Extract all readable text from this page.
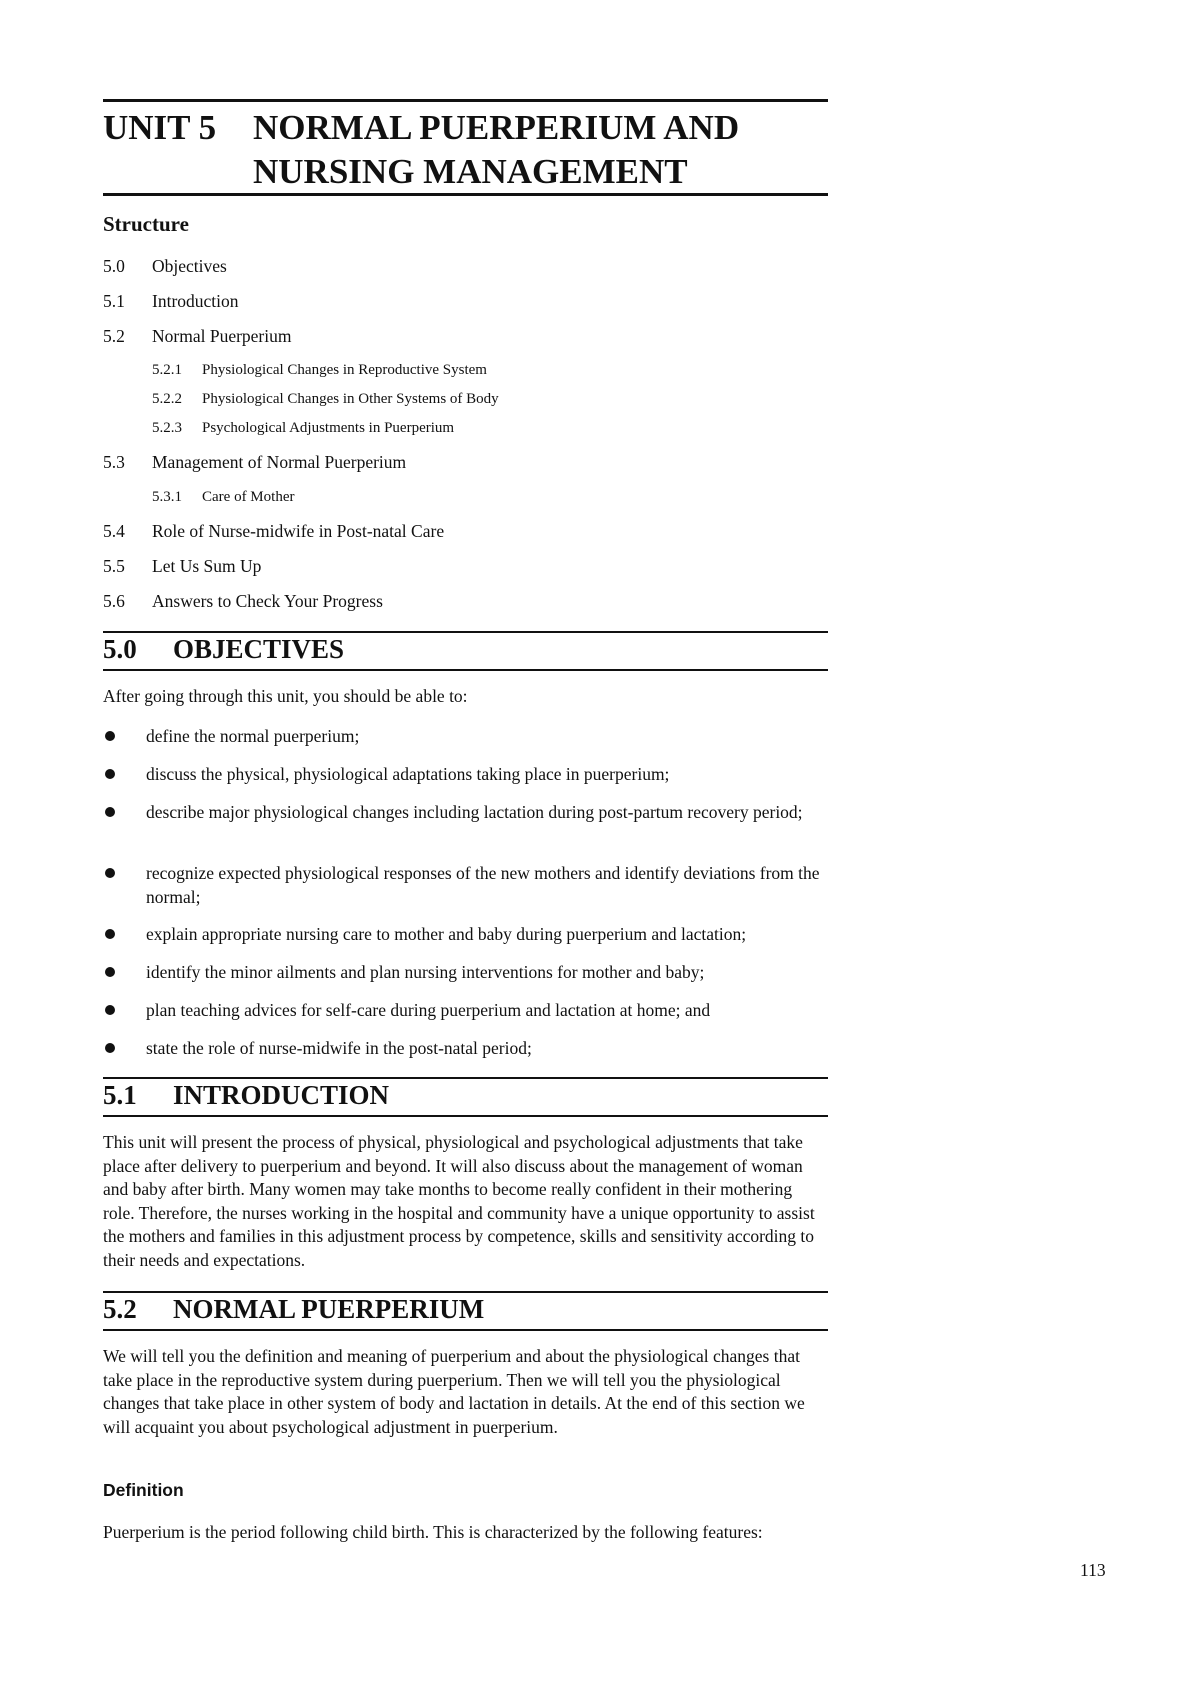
UNIT 5 NORMAL PUERPERIUM AND
NURSING MANAGEMENT
Structure
5.0 Objectives
5.1 Introduction
5.2 Normal Puerperium
5.2.1 Physiological Changes in Reproductive System
5.2.2 Physiological Changes in Other Systems of Body
5.2.3 Psychological Adjustments in Puerperium
5.3 Management of Normal Puerperium
5.3.1 Care of Mother
5.4 Role of Nurse-midwife in Post-natal Care
5.5 Let Us Sum Up
5.6 Answers to Check Your Progress
5.0 OBJECTIVES
After going through this unit, you should be able to:
define the normal puerperium;
discuss the physical, physiological adaptations taking place in puerperium;
describe major physiological changes including lactation during post-partum recovery period;
recognize expected physiological responses of the new mothers and identify deviations from the normal;
explain appropriate nursing care to mother and baby during puerperium and lactation;
identify the minor ailments and plan nursing interventions for mother and baby;
plan teaching advices for self-care during puerperium and lactation at home; and
state the role of nurse-midwife in the post-natal period;
5.1 INTRODUCTION
This unit will present the process of physical, physiological and psychological adjustments that take place after delivery to puerperium and beyond. It will also discuss about the management of woman and baby after birth. Many women may take months to become really confident in their mothering role. Therefore, the nurses working in the hospital and community have a unique opportunity to assist the mothers and families in this adjustment process by competence, skills and sensitivity according to their needs and expectations.
5.2 NORMAL PUERPERIUM
We will tell you the definition and meaning of puerperium and about the physiological changes that take place in the reproductive system during puerperium. Then we will tell you the physiological changes that take place in other system of body and lactation in details. At the end of this section we will acquaint you about psychological adjustment in puerperium.
Definition
Puerperium is the period following child birth. This is characterized by the following features:
113
